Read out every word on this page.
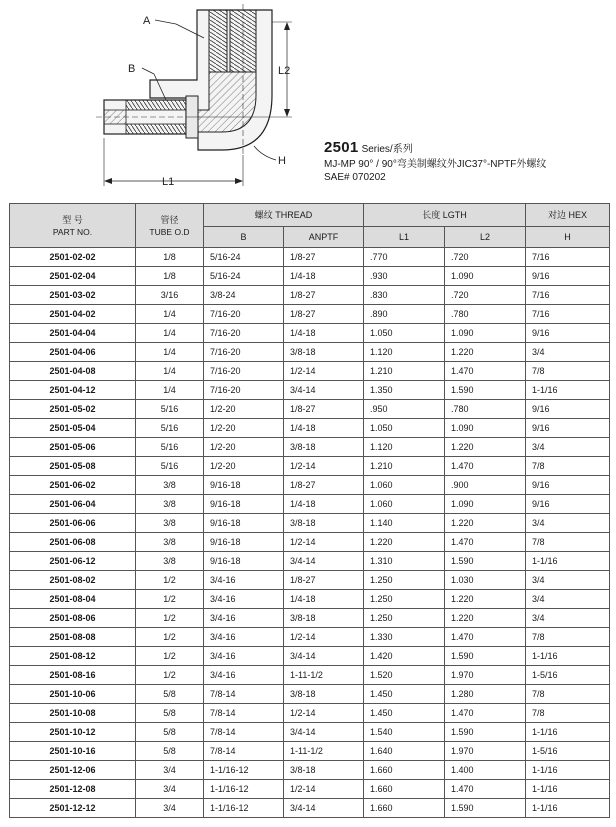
A
B	L2
L1
H
2501 Series/系列
MJ-MP 90° / 90°弯美制螺纹外JIC37°-NPTF外螺纹
SAE# 070202
型 号
PART NO.	管径
TUBE O.D	螺纹 THREAD		长度 LGTH		对边 HEX
		B	ANPTF	L1	L2	H
2501-02-02	1/8	5/16-24	1/8-27	.770	.720	7/16
2501-02-04	1/8	5/16-24	1/4-18	.930	1.090	9/16
2501-03-02	3/16	3/8-24	1/8-27	.830	.720	7/16
2501-04-02	1/4	7/16-20	1/8-27	.890	.780	7/16
2501-04-04	1/4	7/16-20	1/4-18	1.050	1.090	9/16
2501-04-06	1/4	7/16-20	3/8-18	1.120	1.220	3/4
2501-04-08	1/4	7/16-20	1/2-14	1.210	1.470	7/8
2501-04-12	1/4	7/16-20	3/4-14	1.350	1.590	1-1/16
2501-05-02	5/16	1/2-20	1/8-27	.950	.780	9/16
2501-05-04	5/16	1/2-20	1/4-18	1.050	1.090	9/16
2501-05-06	5/16	1/2-20	3/8-18	1.120	1.220	3/4
2501-05-08	5/16	1/2-20	1/2-14	1.210	1.470	7/8
2501-06-02	3/8	9/16-18	1/8-27	1.060	.900	9/16
2501-06-04	3/8	9/16-18	1/4-18	1.060	1.090	9/16
2501-06-06	3/8	9/16-18	3/8-18	1.140	1.220	3/4
2501-06-08	3/8	9/16-18	1/2-14	1.220	1.470	7/8
2501-06-12	3/8	9/16-18	3/4-14	1.310	1.590	1-1/16
2501-08-02	1/2	3/4-16	1/8-27	1.250	1.030	3/4
2501-08-04	1/2	3/4-16	1/4-18	1.250	1.220	3/4
2501-08-06	1/2	3/4-16	3/8-18	1.250	1.220	3/4
2501-08-08	1/2	3/4-16	1/2-14	1.330	1.470	7/8
2501-08-12	1/2	3/4-16	3/4-14	1.420	1.590	1-1/16
2501-08-16	1/2	3/4-16	1-11-1/2	1.520	1.970	1-5/16
2501-10-06	5/8	7/8-14	3/8-18	1.450	1.280	7/8
2501-10-08	5/8	7/8-14	1/2-14	1.450	1.470	7/8
2501-10-12	5/8	7/8-14	3/4-14	1.540	1.590	1-1/16
2501-10-16	5/8	7/8-14	1-11-1/2	1.640	1.970	1-5/16
2501-12-06	3/4	1-1/16-12	3/8-18	1.660	1.400	1-1/16
2501-12-08	3/4	1-1/16-12	1/2-14	1.660	1.470	1-1/16
2501-12-12	3/4	1-1/16-12	3/4-14	1.660	1.590	1-1/16
